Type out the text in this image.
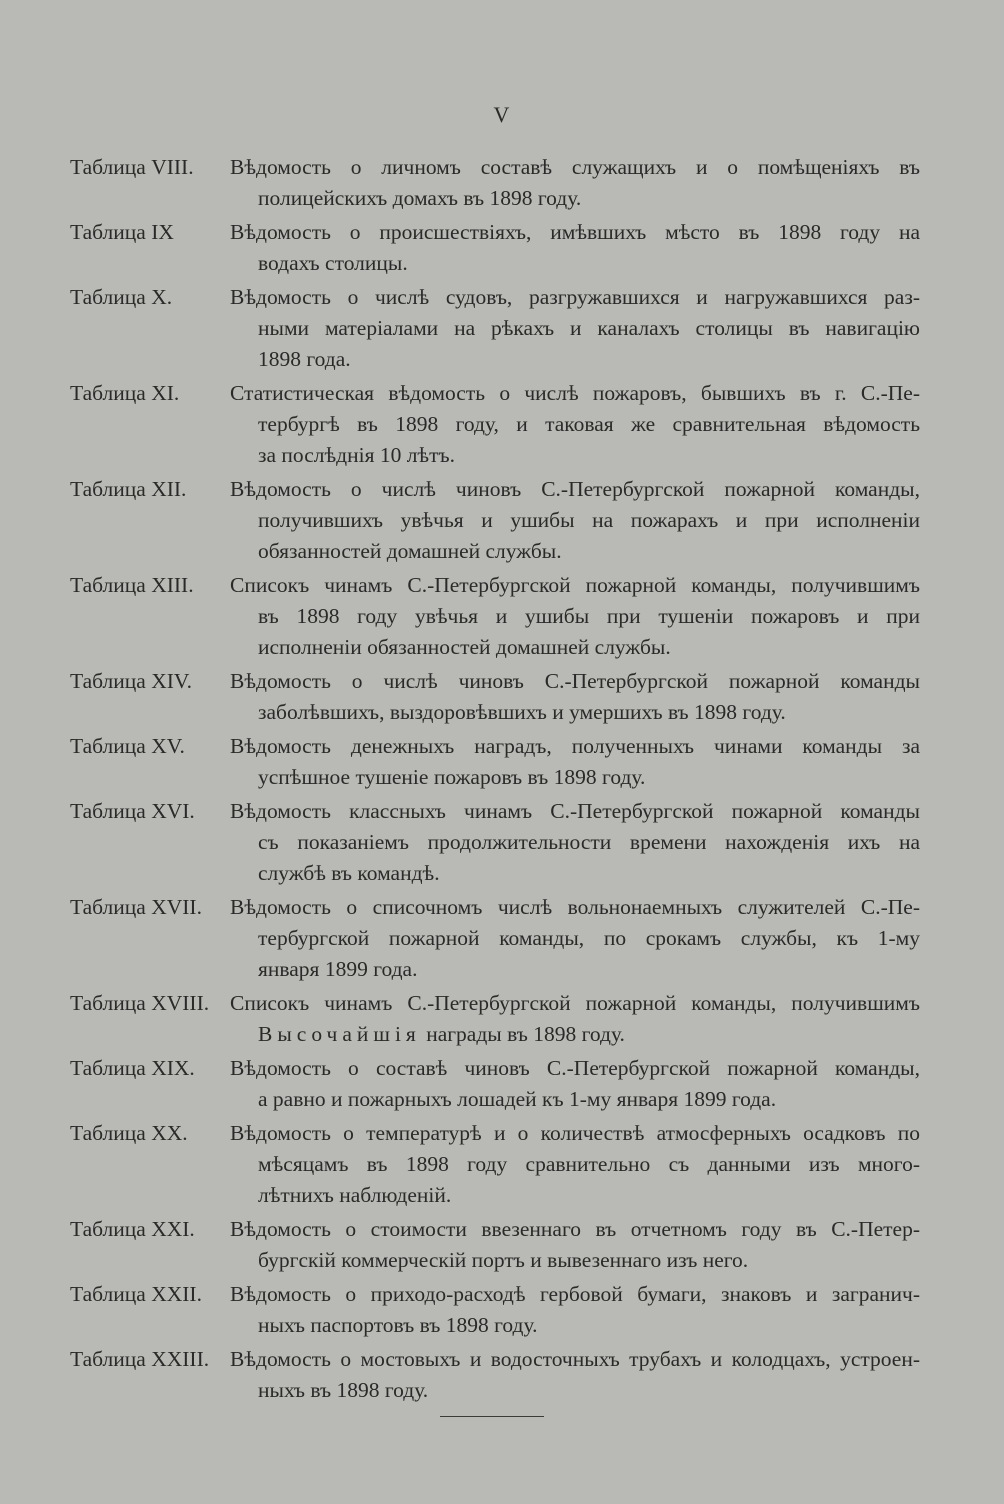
V
Таблица VIII.	Вѣдомость о личномъ составѣ служащихъ и о помѣщеніяхъ въ
полицейскихъ домахъ въ 1898 году.
Таблица IX	Вѣдомость о происшествіяхъ, имѣвшихъ мѣсто въ 1898 году на
водахъ столицы.
Таблица X.	Вѣдомость о числѣ судовъ, разгружавшихся и нагружавшихся раз-
ными матеріалами на рѣкахъ и каналахъ столицы въ навигацію
1898 года.
Таблица XI.	Статистическая вѣдомость о числѣ пожаровъ, бывшихъ въ г. С.-Пе-
тербургѣ въ 1898 году, и таковая же сравнительная вѣдомость
за послѣднія 10 лѣтъ.
Таблица XII.	Вѣдомость о числѣ чиновъ С.-Петербургской пожарной команды,
получившихъ увѣчья и ушибы на пожарахъ и при исполненіи
обязанностей домашней службы.
Таблица XIII.	Списокъ чинамъ С.-Петербургской пожарной команды, получившимъ
въ 1898 году увѣчья и ушибы при тушеніи пожаровъ и при
исполненіи обязанностей домашней службы.
Таблица XIV.	Вѣдомость о числѣ чиновъ С.-Петербургской пожарной команды
заболѣвшихъ, выздоровѣвшихъ и умершихъ въ 1898 году.
Таблица XV.	Вѣдомость денежныхъ наградъ, полученныхъ чинами команды за
успѣшное тушеніе пожаровъ въ 1898 году.
Таблица XVI.	Вѣдомость классныхъ чинамъ С.-Петербургской пожарной команды
съ показаніемъ продолжительности времени нахожденія ихъ на
службѣ въ командѣ.
Таблица XVII.	Вѣдомость о списочномъ числѣ вольнонаемныхъ служителей С.-Пе-
тербургской пожарной команды, по срокамъ службы, къ 1-му
января 1899 года.
Таблица XVIII. Списокъ чинамъ С.-Петербургской пожарной команды, получившимъ
Высочайшія награды въ 1898 году.
Таблица XIX.	Вѣдомость о составѣ чиновъ С.-Петербургской пожарной команды,
а равно и пожарныхъ лошадей къ 1-му января 1899 года.
Таблица XX.	Вѣдомость о температурѣ и о количествѣ атмосферныхъ осадковъ по
мѣсяцамъ въ 1898 году сравнительно съ данными изъ много-
лѣтнихъ наблюденій.
Таблица XXI.	Вѣдомость о стоимости ввезеннаго въ отчетномъ году въ С.-Петер-
бургскій коммерческій портъ и вывезеннаго изъ него.
Таблица XXII.	Вѣдомость о приходо-расходѣ гербовой бумаги, знаковъ и загранич-
ныхъ паспортовъ въ 1898 году.
Таблица XXIII. Вѣдомость о мостовыхъ и водосточныхъ трубахъ и колодцахъ, устроен-
ныхъ въ 1898 году.
